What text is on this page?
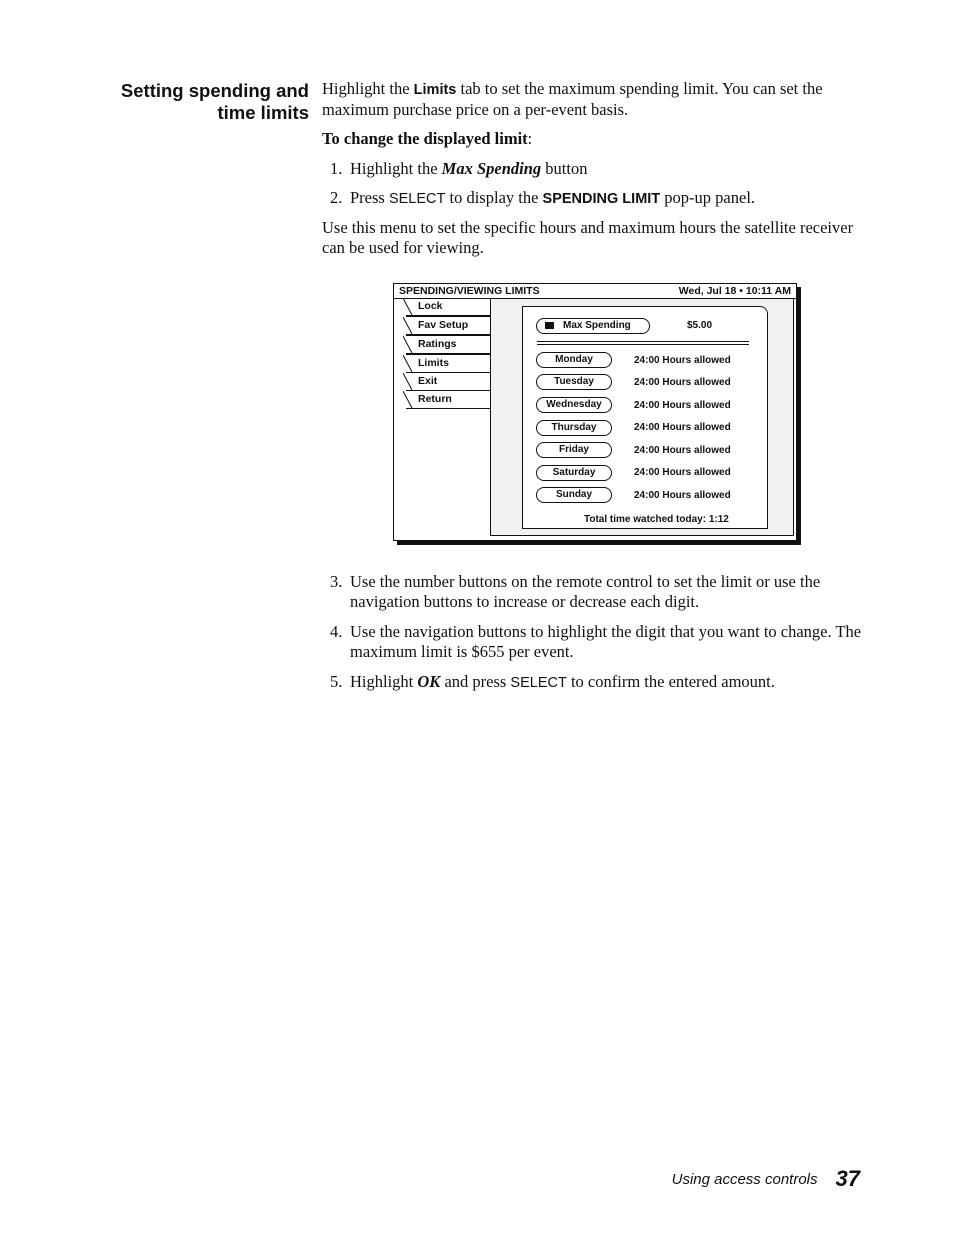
Setting spending and
time limits
Highlight the Limits tab to set the maximum spending limit. You can set the maximum purchase price on a per-event basis.
To change the displayed limit:
1. Highlight the Max Spending button
2. Press SELECT to display the SPENDING LIMIT pop-up panel.
Use this menu to set the specific hours and maximum hours the satellite receiver can be used for viewing.
SPENDING/VIEWING LIMITS	Wed, Jul 18 • 10:11 AM
Lock
Fav Setup
Ratings
Limits
Exit
Return
Max Spending	$5.00
Monday	24:00 Hours allowed
Tuesday	24:00 Hours allowed
Wednesday	24:00 Hours allowed
Thursday	24:00 Hours allowed
Friday	24:00 Hours allowed
Saturday	24:00 Hours allowed
Sunday	24:00 Hours allowed
Total time watched today: 1:12
3. Use the number buttons on the remote control to set the limit or use the navigation buttons to increase or decrease each digit.
4. Use the navigation buttons to highlight the digit that you want to change. The maximum limit is $655 per event.
5. Highlight OK and press SELECT to confirm the entered amount.
Using access controls 37
